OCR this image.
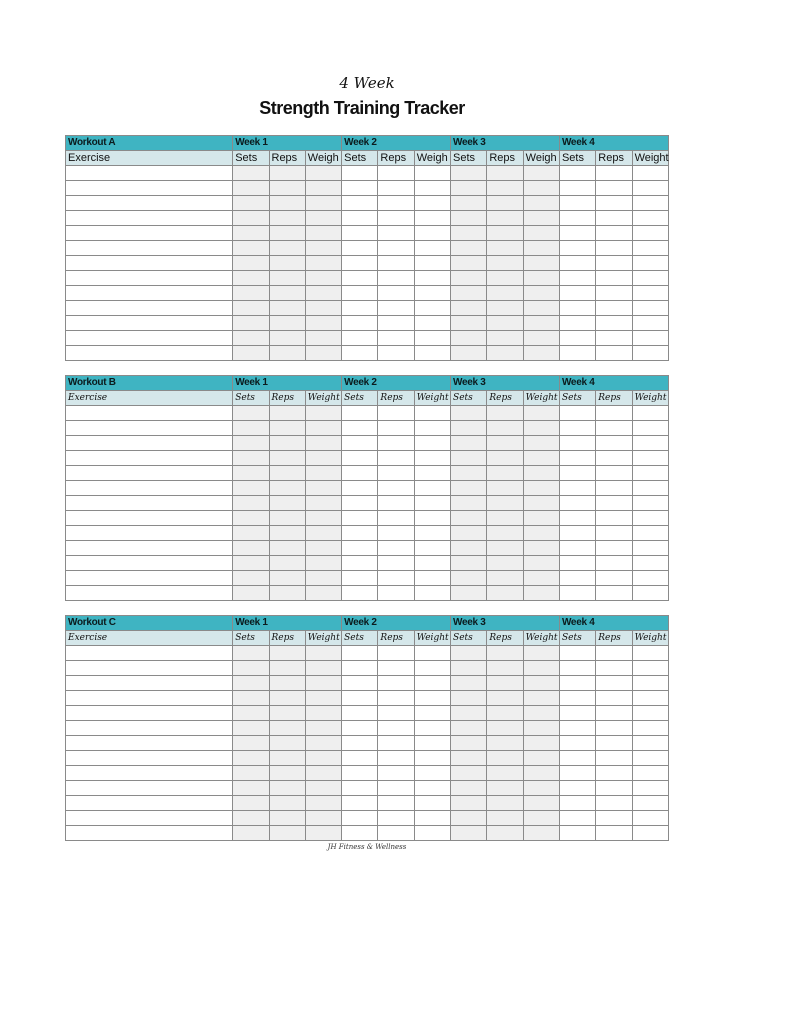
4 Week
Strength Training Tracker
Workout A	Week 1			Week 2			Week 3			Week 4		
Exercise	Sets	Reps	Weigh	Sets	Reps	Weigh	Sets	Reps	Weigh	Sets	Reps	Weight

Workout B	Week 1			Week 2			Week 3			Week 4		
Exercise	Sets	Reps	Weight	Sets	Reps	Weight	Sets	Reps	Weight	Sets	Reps	Weight

Workout C	Week 1			Week 2			Week 3			Week 4		
Exercise	Sets	Reps	Weight	Sets	Reps	Weight	Sets	Reps	Weight	Sets	Reps	Weight

JH Fitness & Wellness
